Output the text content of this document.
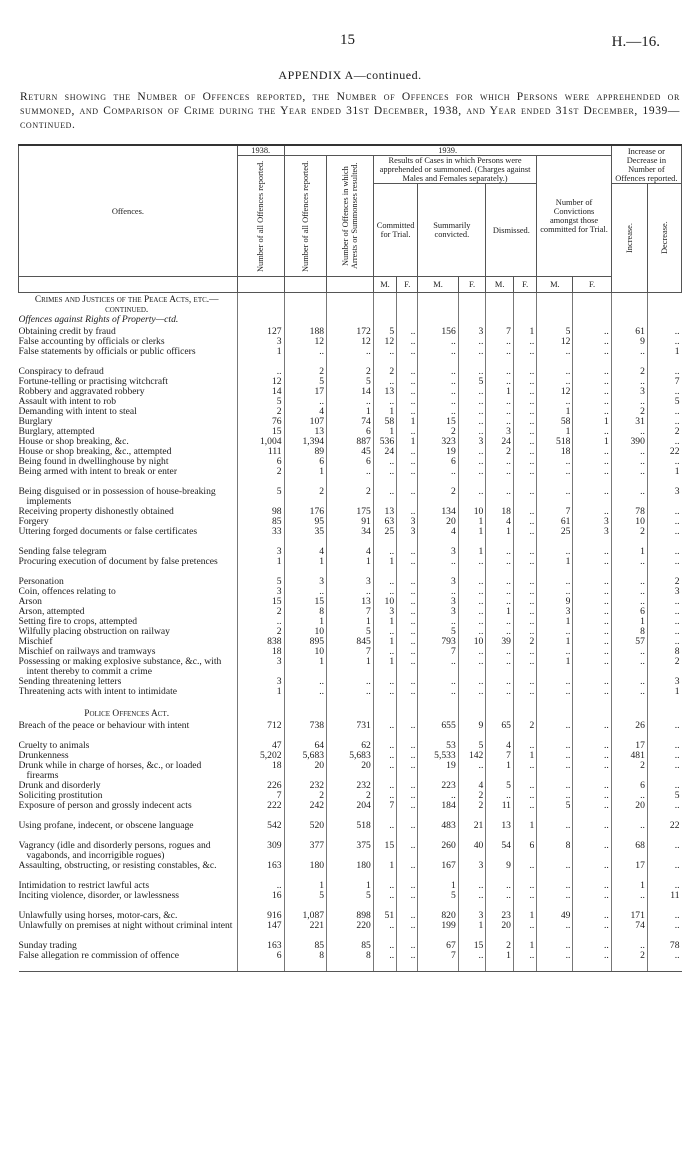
15	H.—16.
APPENDIX A—continued.
Return showing the Number of Offences reported, the Number of Offences for which Persons were apprehended or summoned, and Comparison of Crime during the Year ended 31st December, 1938, and Year ended 31st December, 1939—continued.
Offences.	1938.	1939.										Increase or Decrease in Number of Offences reported.	

	Number of all Offences reported.	Number of all Offences reported.	Number of Offences in which Arrests or Summonses resulted.	Results of Cases in which Persons were apprehended or summoned. (Charges against Males and Females separately.)						Number of Convictions amongst those committed for Trial.			
				Committed for Trial.		Summarily convicted.		Dismissed.				Increase.	Decrease.

				M.	F.	M.	F.	M.	F.	M.	F.		
Crimes and Justices of the Peace Acts, etc.—continued.													
Offences against Rights of Property—ctd.													
Obtaining credit by fraud	127	188	172	5	..	156	3	7	1	5	..	61	..
False accounting by officials or clerks	3	12	12	12	..	..	..	..	..	12	..	9	..
False statements by officials or public officers	1	..	..	..	..	..	..	..	..	..	..	..	1
Conspiracy to defraud	..	2	2	2	..	..	..	..	..	..	..	2	..
Fortune-telling or practising witchcraft	12	5	5	..	..	..	5	..	..	..	..	..	7
Robbery and aggravated robbery	14	17	14	13	..	..	..	1	..	12	..	3	..
Assault with intent to rob	5	..	..	..	..	..	..	..	..	..	..	..	5
Demanding with intent to steal	2	4	1	1	..	..	..	..	..	1	..	2	..
Burglary	76	107	74	58	1	15	..	..	..	58	1	31	..
Burglary, attempted	15	13	6	1	..	2	..	3	..	1	..	..	2
House or shop breaking, &c.	1,004	1,394	887	536	1	323	3	24	..	518	1	390	..
House or shop breaking, &c., attempted	111	89	45	24	..	19	..	2	..	18	..	..	22
Being found in dwellinghouse by night	6	6	6	..	..	6	..	..	..	..	..	..	..
Being armed with intent to break or enter	2	1	..	..	..	..	..	..	..	..	..	..	1
Being disguised or in possession of house-breaking implements	5	2	2	..	..	2	..	..	..	..	..	..	3
Receiving property dishonestly obtained	98	176	175	13	..	134	10	18	..	7	..	78	..
Forgery	85	95	91	63	3	20	1	4	..	61	3	10	..
Uttering forged documents or false certificates	33	35	34	25	3	4	1	1	..	25	3	2	..
Sending false telegram	3	4	4	..	..	3	1	..	..	..	..	1	..
Procuring execution of document by false pretences	1	1	1	1	..	..	..	..	..	1	..	..	..
Personation	5	3	3	..	..	3	..	..	..	..	..	..	2
Coin, offences relating to	3	..	..	..	..	..	..	..	..	..	..	..	3
Arson	15	15	13	10	..	3	..	..	..	9	..	..	..
Arson, attempted	2	8	7	3	..	3	..	1	..	3	..	6	..
Setting fire to crops, attempted	..	1	1	1	..	..	..	..	..	1	..	1	..
Wilfully placing obstruction on railway	2	10	5	..	..	5	..	..	..	..	..	8	..
Mischief	838	895	845	1	..	793	10	39	2	1	..	57	..
Mischief on railways and tramways	18	10	7	..	..	7	..	..	..	..	..	..	8
Possessing or making explosive substance, &c., with intent thereby to commit a crime	3	1	1	1	..	..	..	..	..	1	..	..	2
Sending threatening letters	3	..	..	..	..	..	..	..	..	..	..	..	3
Threatening acts with intent to intimidate	1	..	..	..	..	..	..	..	..	..	..	..	1
Police Offences Act.													
Breach of the peace or behaviour with intent	712	738	731	..	..	655	9	65	2	..	..	26	..
Cruelty to animals	47	64	62	..	..	53	5	4	..	..	..	17	..
Drunkenness	5,202	5,683	5,683	..	..	5,533	142	7	1	..	..	481	..
Drunk while in charge of horses, &c., or loaded firearms	18	20	20	..	..	19	..	1	..	..	..	2	..
Drunk and disorderly	226	232	232	..	..	223	4	5	..	..	..	6	..
Soliciting prostitution	7	2	2	..	..	..	2	..	..	..	..	..	5
Exposure of person and grossly indecent acts	222	242	204	7	..	184	2	11	..	5	..	20	..
Using profane, indecent, or obscene language	542	520	518	..	..	483	21	13	1	..	..	..	22
Vagrancy (idle and disorderly persons, rogues and vagabonds, and incorrigible rogues)	309	377	375	15	..	260	40	54	6	8	..	68	..
Assaulting, obstructing, or resisting constables, &c.	163	180	180	1	..	167	3	9	..	..	..	17	..
Intimidation to restrict lawful acts	..	1	1	..	..	1	..	..	..	..	..	1	..
Inciting violence, disorder, or lawlessness	16	5	5	..	..	5	..	..	..	..	..	..	11
Unlawfully using horses, motor-cars, &c.	916	1,087	898	51	..	820	3	23	1	49	..	171	..
Unlawfully on premises at night without criminal intent	147	221	220	..	..	199	1	20	..	..	..	74	..
Sunday trading	163	85	85	..	..	67	15	2	1	..	..	..	78
False allegation re commission of offence	6	8	8	..	..	7	..	1	..	..	..	2	..
